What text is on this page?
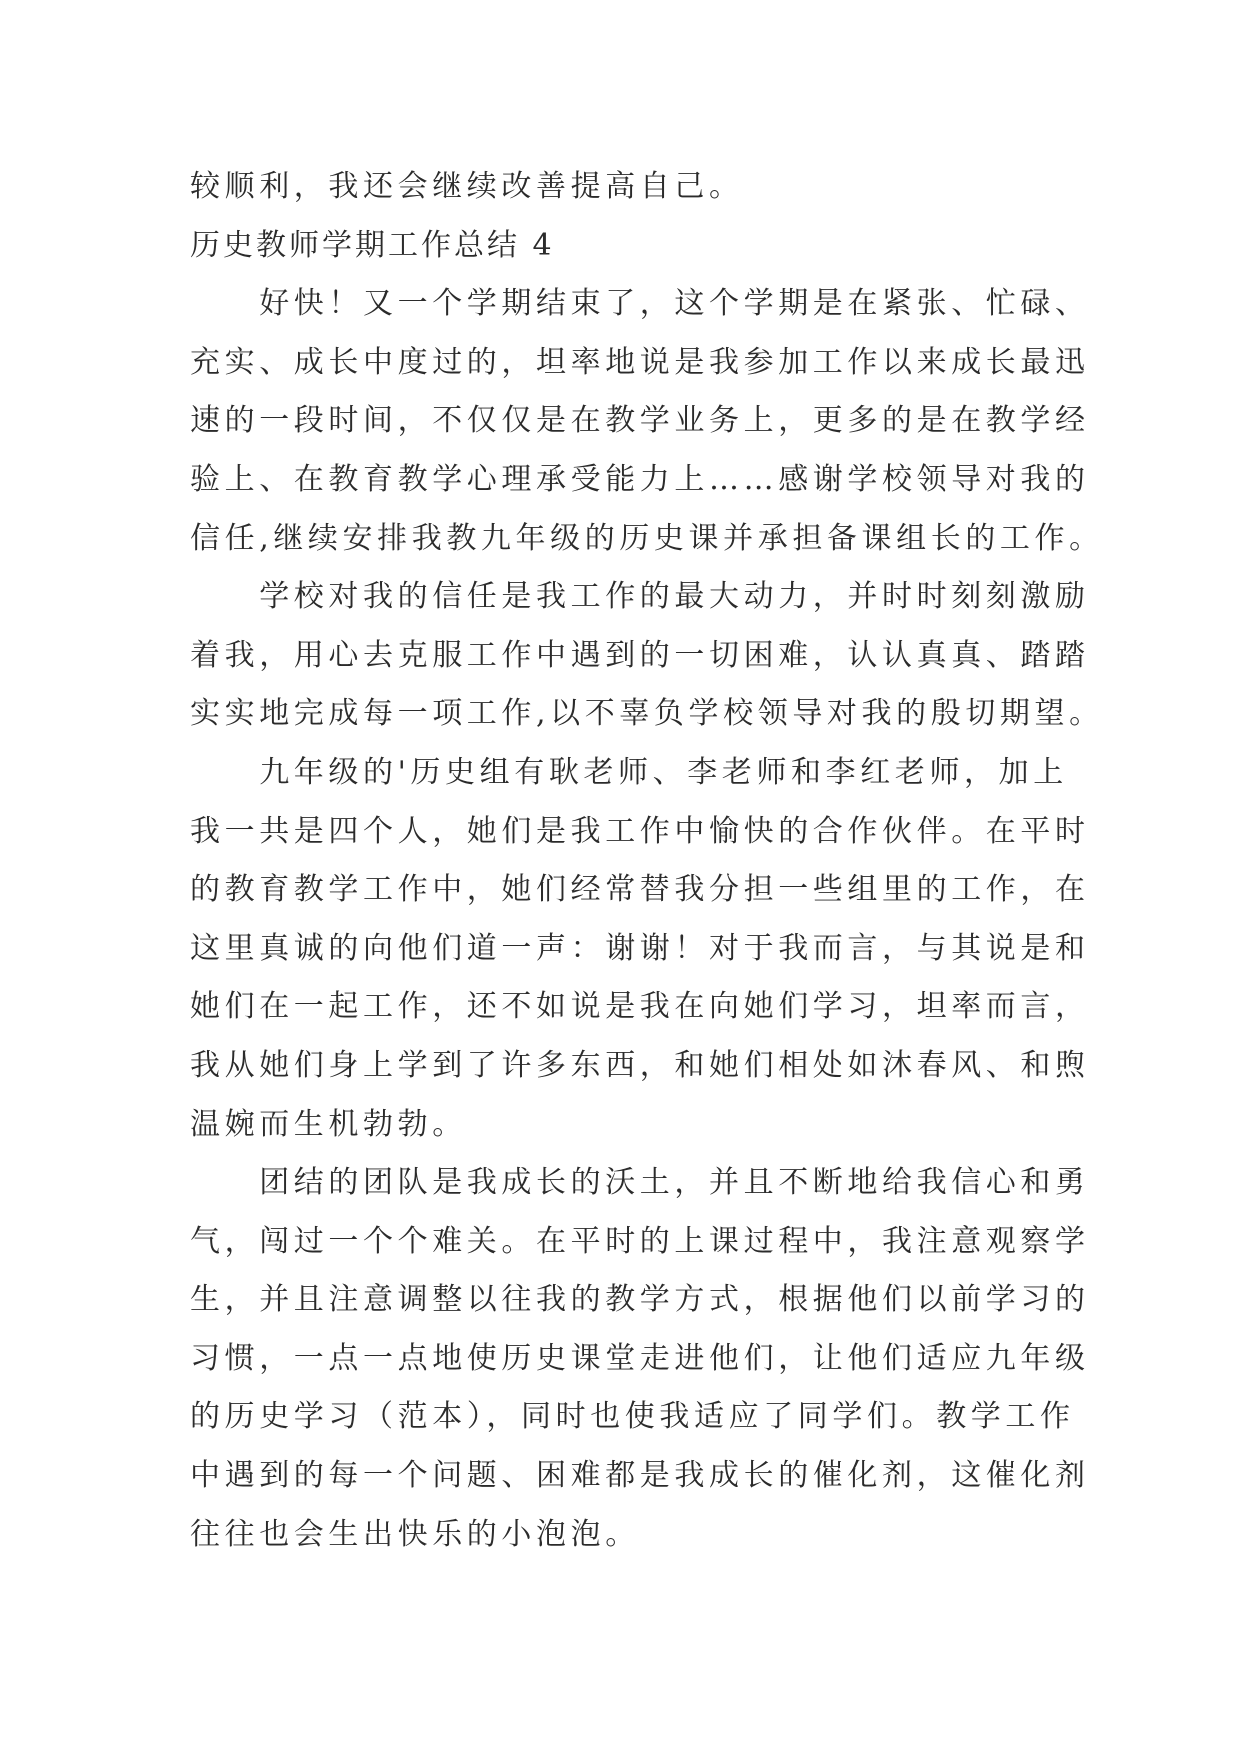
较顺利，我还会继续改善提高自己。
历史教师学期工作总结 4
　　好快！又一个学期结束了，这个学期是在紧张、忙碌、
充实、成长中度过的，坦率地说是我参加工作以来成长最迅
速的一段时间，不仅仅是在教学业务上，更多的是在教学经
验上、在教育教学心理承受能力上……感谢学校领导对我的
信任,继续安排我教九年级的历史课并承担备课组长的工作。
　　学校对我的信任是我工作的最大动力，并时时刻刻激励
着我，用心去克服工作中遇到的一切困难，认认真真、踏踏
实实地完成每一项工作,以不辜负学校领导对我的殷切期望。
　　九年级的'历史组有耿老师、李老师和李红老师，加上
我一共是四个人，她们是我工作中愉快的合作伙伴。在平时
的教育教学工作中，她们经常替我分担一些组里的工作，在
这里真诚的向他们道一声：谢谢！对于我而言，与其说是和
她们在一起工作，还不如说是我在向她们学习，坦率而言，
我从她们身上学到了许多东西，和她们相处如沐春风、和煦
温婉而生机勃勃。
　　团结的团队是我成长的沃土，并且不断地给我信心和勇
气，闯过一个个难关。在平时的上课过程中，我注意观察学
生，并且注意调整以往我的教学方式，根据他们以前学习的
习惯，一点一点地使历史课堂走进他们，让他们适应九年级
的历史学习（范本），同时也使我适应了同学们。教学工作
中遇到的每一个问题、困难都是我成长的催化剂，这催化剂
往往也会生出快乐的小泡泡。
